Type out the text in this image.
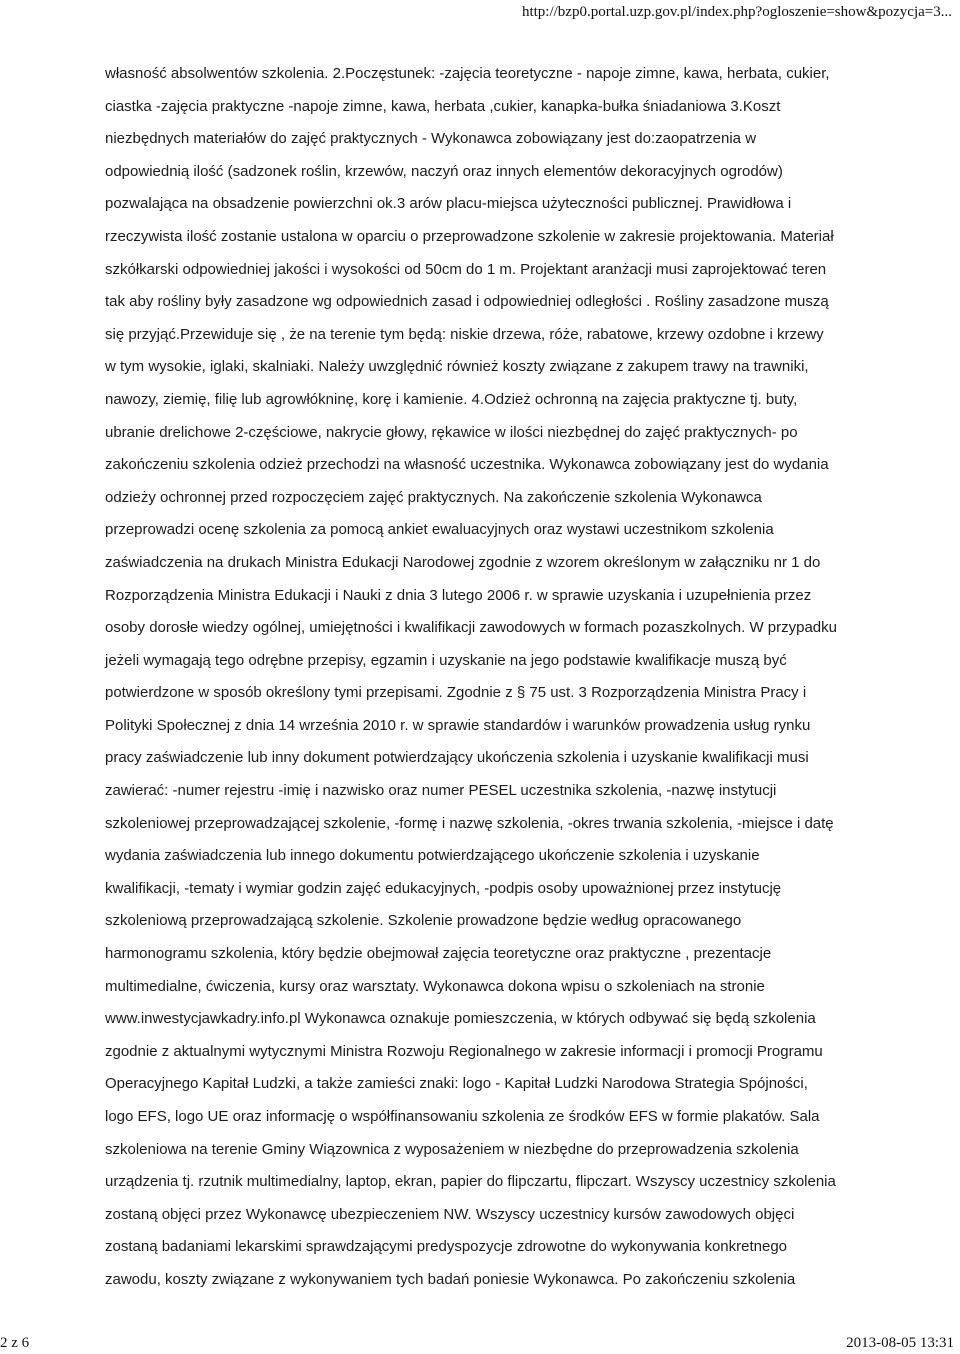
http://bzp0.portal.uzp.gov.pl/index.php?ogloszenie=show&pozycja=3...
własność absolwentów szkolenia. 2.Poczęstunek: -zajęcia teoretyczne - napoje zimne, kawa, herbata, cukier,
ciastka -zajęcia praktyczne -napoje zimne, kawa, herbata ,cukier, kanapka-bułka śniadaniowa 3.Koszt
niezbędnych materiałów do zajęć praktycznych - Wykonawca zobowiązany jest do:zaopatrzenia w
odpowiednią ilość (sadzonek roślin, krzewów, naczyń oraz innych elementów dekoracyjnych ogrodów)
pozwalająca na obsadzenie powierzchni ok.3 arów placu-miejsca użyteczności publicznej. Prawidłowa i
rzeczywista ilość zostanie ustalona w oparciu o przeprowadzone szkolenie w zakresie projektowania. Materiał
szkółkarski odpowiedniej jakości i wysokości od 50cm do 1 m. Projektant aranżacji musi zaprojektować teren
tak aby rośliny były zasadzone wg odpowiednich zasad i odpowiedniej odległości . Rośliny zasadzone muszą
się przyjąć.Przewiduje się , że na terenie tym będą: niskie drzewa, róże, rabatowe, krzewy ozdobne i krzewy
w tym wysokie, iglaki, skalniaki. Należy uwzględnić również koszty związane z zakupem trawy na trawniki,
nawozy, ziemię, filię lub agrowłókninę, korę i kamienie. 4.Odzież ochronną na zajęcia praktyczne tj. buty,
ubranie drelichowe 2-częściowe, nakrycie głowy, rękawice w ilości niezbędnej do zajęć praktycznych- po
zakończeniu szkolenia odzież przechodzi na własność uczestnika. Wykonawca zobowiązany jest do wydania
odzieży ochronnej przed rozpoczęciem zajęć praktycznych. Na zakończenie szkolenia Wykonawca
przeprowadzi ocenę szkolenia za pomocą ankiet ewaluacyjnych oraz wystawi uczestnikom szkolenia
zaświadczenia na drukach Ministra Edukacji Narodowej zgodnie z wzorem określonym w załączniku nr 1 do
Rozporządzenia Ministra Edukacji i Nauki z dnia 3 lutego 2006 r. w sprawie uzyskania i uzupełnienia przez
osoby dorosłe wiedzy ogólnej, umiejętności i kwalifikacji zawodowych w formach pozaszkolnych. W przypadku
jeżeli wymagają tego odrębne przepisy, egzamin i uzyskanie na jego podstawie kwalifikacje muszą być
potwierdzone w sposób określony tymi przepisami. Zgodnie z § 75 ust. 3 Rozporządzenia Ministra Pracy i
Polityki Społecznej z dnia 14 września 2010 r. w sprawie standardów i warunków prowadzenia usług rynku
pracy zaświadczenie lub inny dokument potwierdzający ukończenia szkolenia i uzyskanie kwalifikacji musi
zawierać: -numer rejestru -imię i nazwisko oraz numer PESEL uczestnika szkolenia, -nazwę instytucji
szkoleniowej przeprowadzającej szkolenie, -formę i nazwę szkolenia, -okres trwania szkolenia, -miejsce i datę
wydania zaświadczenia lub innego dokumentu potwierdzającego ukończenie szkolenia i uzyskanie
kwalifikacji, -tematy i wymiar godzin zajęć edukacyjnych, -podpis osoby upoważnionej przez instytucję
szkoleniową przeprowadzającą szkolenie. Szkolenie prowadzone będzie według opracowanego
harmonogramu szkolenia, który będzie obejmował zajęcia teoretyczne oraz praktyczne , prezentacje
multimedialne, ćwiczenia, kursy oraz warsztaty. Wykonawca dokona wpisu o szkoleniach na stronie
www.inwestycjawkadry.info.pl Wykonawca oznakuje pomieszczenia, w których odbywać się będą szkolenia
zgodnie z aktualnymi wytycznymi Ministra Rozwoju Regionalnego w zakresie informacji i promocji Programu
Operacyjnego Kapitał Ludzki, a także zamieści znaki: logo - Kapitał Ludzki Narodowa Strategia Spójności,
logo EFS, logo UE oraz informację o współfinansowaniu szkolenia ze środków EFS w formie plakatów. Sala
szkoleniowa na terenie Gminy Wiązownica z wyposażeniem w niezbędne do przeprowadzenia szkolenia
urządzenia tj. rzutnik multimedialny, laptop, ekran, papier do flipczartu, flipczart. Wszyscy uczestnicy szkolenia
zostaną objęci przez Wykonawcę ubezpieczeniem NW. Wszyscy uczestnicy kursów zawodowych objęci
zostaną badaniami lekarskimi sprawdzającymi predyspozycje zdrowotne do wykonywania konkretnego
zawodu, koszty związane z wykonywaniem tych badań poniesie Wykonawca. Po zakończeniu szkolenia
2 z 6	2013-08-05 13:31
